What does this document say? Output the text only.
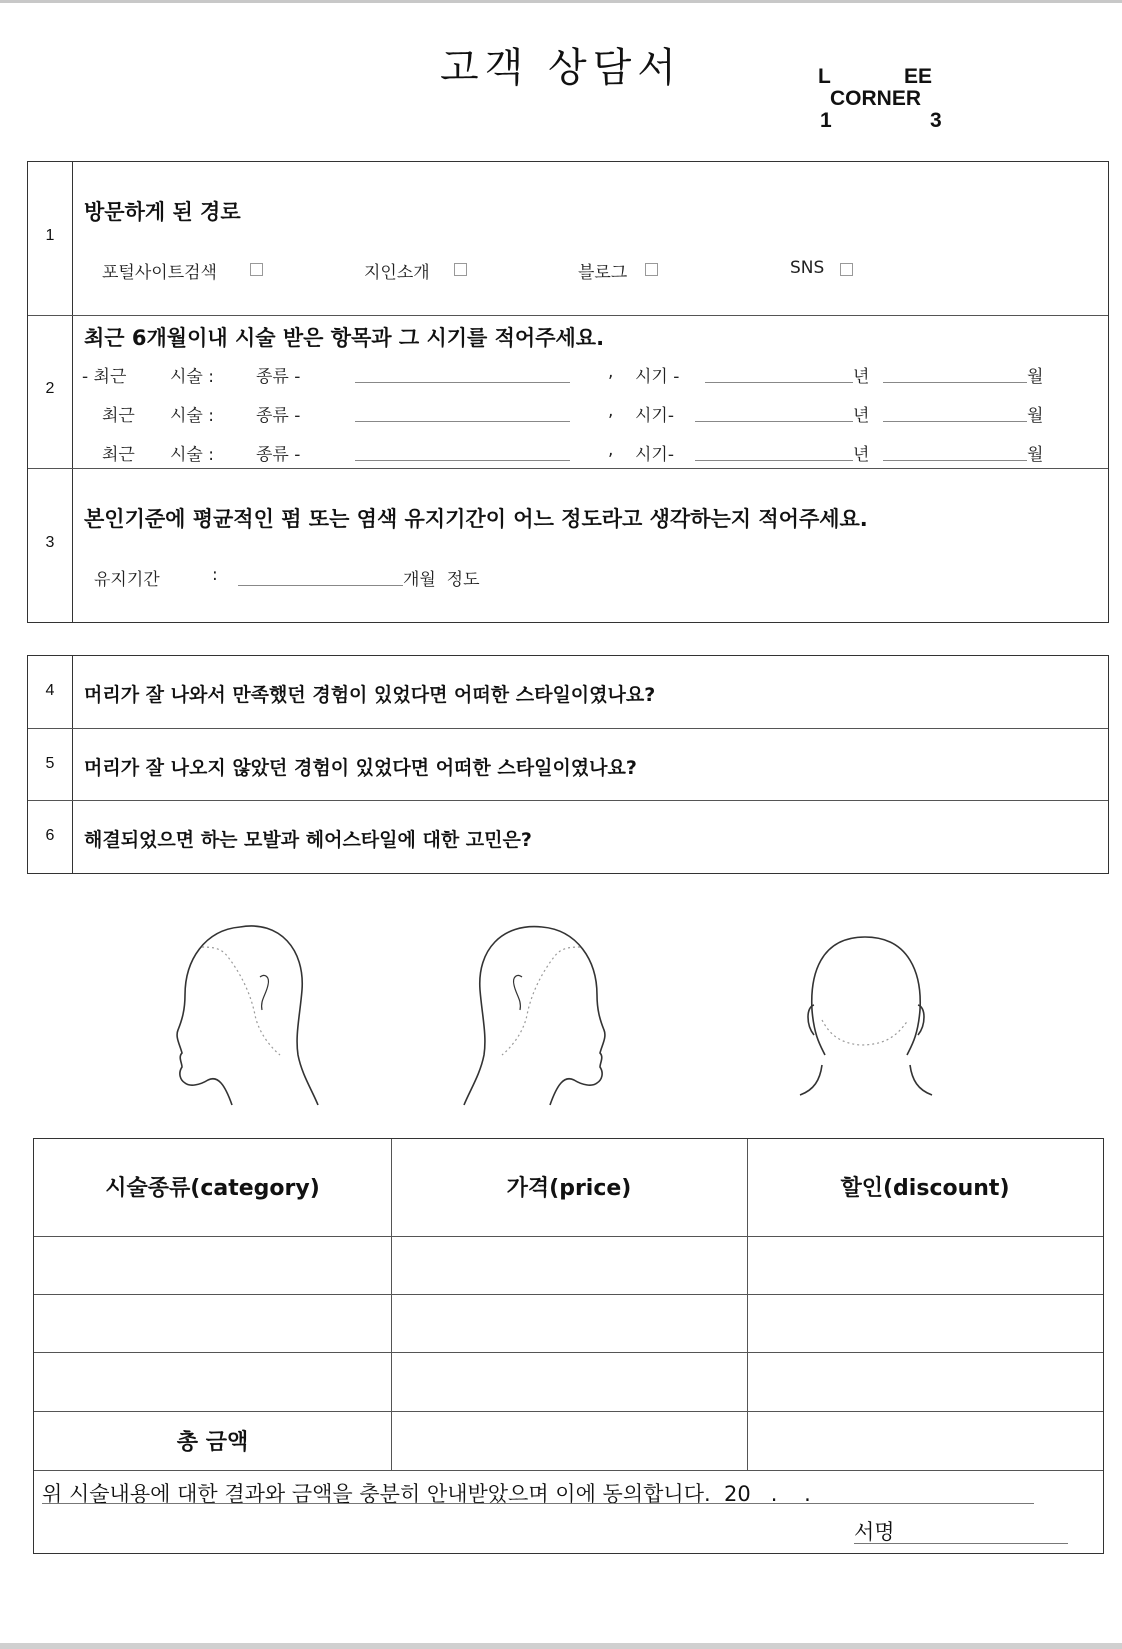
고객 상담서	L	EE
CORNER
1	3
1
방문하게 된 경로
포털사이트검색	지인소개	블로그	SNS
2
최근 6개월이내 시술 받은 항목과 그 시기를 적어주세요.
- 최근	시술 : 종류 -	, 시기 -	년	월
최근 시술 : 종류 -	, 시기-	년	월
최근 시술 : 종류 -	, 시기-	년	월
3
본인기준에 평균적인 펌 또는 염색 유지기간이 어느 정도라고 생각하는지 적어주세요.
유지기간	:	개월  정도
4	머리가 잘 나와서 만족했던 경험이 있었다면 어떠한 스타일이였나요?
5	머리가 잘 나오지 않았던 경험이 있었다면 어떠한 스타일이였나요?
6	해결되었으면 하는 모발과 헤어스타일에 대한 고민은?
시술종류(category)	가격(price)	할인(discount)
총 금액
위 시술내용에 대한 결과와 금액을 충분히 안내받았으며 이에 동의합니다.  20   .    .
서명
